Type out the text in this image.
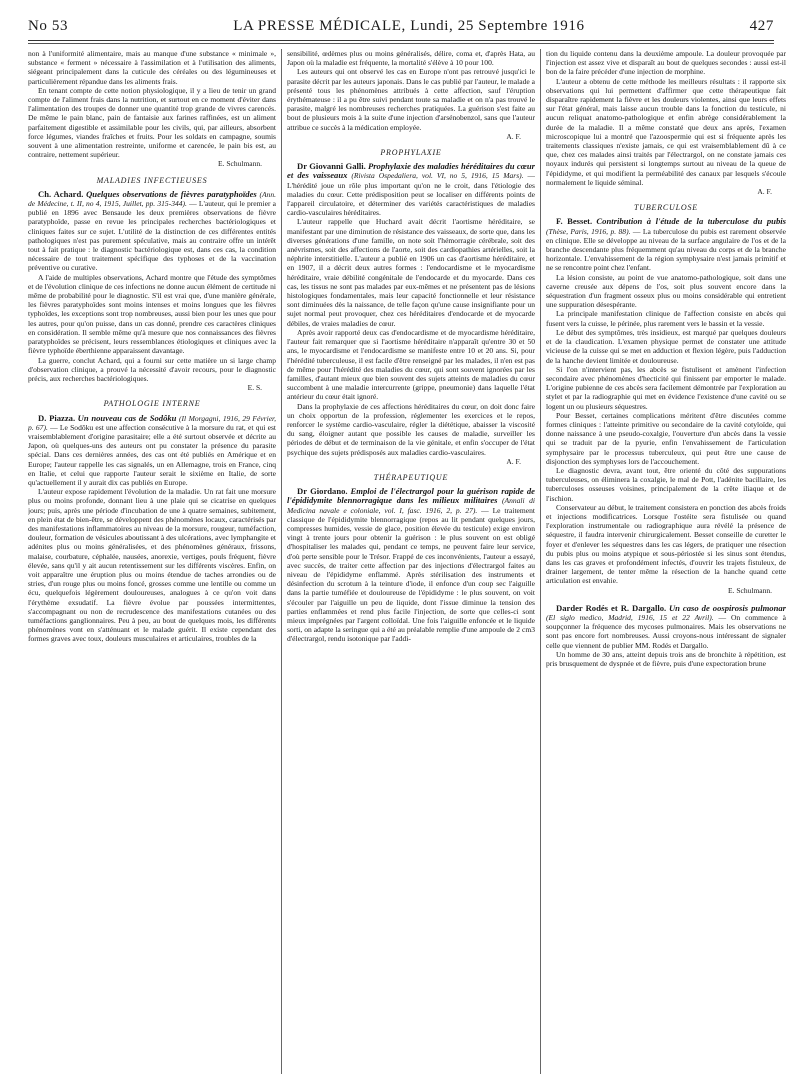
No 53	LA PRESSE MÉDICALE, Lundi, 25 Septembre 1916	427

non à l'uniformité alimentaire, mais au manque d'une substance « minimale », substance « ferment » nécessaire à l'assimilation et à l'utilisation des aliments, siégeant principalement dans la cuticule des céréales ou des légumineuses et particulièrement répandue dans les aliments frais.

En tenant compte de cette notion physiologique, il y a lieu de tenir un grand compte de l'aliment frais dans la nutrition, et surtout en ce moment d'éviter dans l'alimentation des troupes de donner une quantité trop grande de vivres carencés. De même le pain blanc, pain de fantaisie aux farines raffinées, est un aliment parfaitement digestible et assimilable pour les civils, qui, par ailleurs, absorbent force légumes, viandes fraîches et fruits. Pour les soldats en campagne, soumis souvent à une alimentation restreinte, uniforme et carencée, le pain bis est, au contraire, nettement supérieur.

E. Schulmann.
MALADIES INFECTIEUSES

Ch. Achard. Quelques observations de fièvres paratyphoïdes (Ann. de Médecine, t. II, no 4, 1915, Juillet, pp. 315-344). — L'auteur, qui le premier a publié en 1896 avec Bensaude les deux premières observations de fièvre paratyphoïde, passe en revue les principales recherches bactériologiques et cliniques faites sur ce sujet. L'utilité de la distinction de ces différentes entités pathologiques n'est pas purement spéculative, mais au contraire offre un intérêt tout à fait pratique : le diagnostic bactériologique est, dans ces cas, la condition nécessaire de tout traitement spécifique des typhoses et de la vaccination préventive ou curative.

A l'aide de multiples observations, Achard montre que l'étude des symptômes et de l'évolution clinique de ces infections ne donne aucun élément de certitude ni même de probabilité pour le diagnostic. S'il est vrai que, d'une manière générale, les fièvres paratyphoïdes sont moins intenses et moins longues que les fièvres typhoïdes, les exceptions sont trop nombreuses, aussi bien pour les unes que pour les autres, pour qu'on puisse, dans un cas donné, prendre ces caractères cliniques en considération. Il semble même qu'à mesure que nos connaissances des fièvres paratyphoïdes se précisent, leurs ressemblances étiologiques et cliniques avec la fièvre typhoïde éberthienne apparaissent davantage.

La guerre, conclut Achard, qui a fourni sur cette matière un si large champ d'observation clinique, a prouvé la nécessité d'avoir recours, pour le diagnostic précis, aux recherches bactériologiques.

E. S.
PATHOLOGIE INTERNE

D. Piazza. Un nouveau cas de Sodôku (Il Morgagni, 1916, 29 Février, p. 67). — Le Sodôku est une affection consécutive à la morsure du rat, et qui est vraisemblablement d'origine parasitaire; elle a été surtout observée et décrite au Japon, où quelques-uns des auteurs ont pu constater la présence du parasite spécial. Dans ces dernières années, des cas ont été publiés en Amérique et en Europe; l'auteur rappelle les cas signalés, un en Allemagne, trois en France, cinq en Italie, et celui que rapporte l'auteur serait le sixième en Italie, de sorte qu'actuellement il y aurait dix cas publiés en Europe.

L'auteur expose rapidement l'évolution de la maladie. Un rat fait une morsure plus ou moins profonde, donnant lieu à une plaie qui se cicatrise en quelques jours; puis, après une période d'incubation de une à quatre semaines, subitement, en plein état de bien-être, se développent des phénomènes locaux, caractérisés par des manifestations inflammatoires au niveau de la morsure, rougeur, tuméfaction, douleur, formation de vésicules aboutissant à des ulcérations, avec lymphangite et adénites plus ou moins généralisées, et des phénomènes généraux, frissons, malaise, courbature, céphalée, nausées, anorexie, vertiges, pouls fréquent, fièvre élevée, sans qu'il y ait aucun retentissement sur les différents viscères. Enfin, on voit apparaître une éruption plus ou moins étendue de taches arrondies ou de stries, d'un rouge plus ou moins foncé, grosses comme une lentille ou comme un écu, quelquefois légèrement douloureuses, analogues à ce qu'on voit dans l'érythème exsudatif. La fièvre évolue par poussées intermittentes, s'accompagnant ou non de recrudescence des manifestations cutanées ou des tuméfactions ganglionnaires. Peu à peu, au bout de quelques mois, les différents phénomènes vont en s'atténuant et le malade guérit. Il existe cependant des formes graves avec toux, douleurs musculaires et articulaires, troubles de la

sensibilité, œdèmes plus ou moins généralisés, délire, coma et, d'après Hata, au Japon où la maladie est fréquente, la mortalité s'élève à 10 pour 100.

Les auteurs qui ont observé les cas en Europe n'ont pas retrouvé jusqu'ici le parasite décrit par les auteurs japonais. Dans le cas publié par l'auteur, le malade a présenté tous les phénomènes attribués à cette affection, sauf l'éruption érythémateuse : il a pu être suivi pendant toute sa maladie et on n'a pas trouvé le parasite, malgré les nombreuses recherches pratiquées. La guérison s'est faite au bout de plusieurs mois à la suite d'une injection d'arsénobenzol, sans que l'auteur attribue ce succès à la médication employée.

A. F.
PROPHYLAXIE

Dr Giovanni Galli. Prophylaxie des maladies héréditaires du cœur et des vaisseaux (Rivista Ospedaliera, vol. VI, no 5, 1916, 15 Mars). — L'hérédité joue un rôle plus important qu'on ne le croit, dans l'étiologie des maladies du cœur. Cette prédisposition peut se localiser en différents points de l'appareil circulatoire, et déterminer des variétés caractéristiques de maladies cardio-vasculaires héréditaires.

L'auteur rappelle que Huchard avait décrit l'aortisme héréditaire, se manifestant par une diminution de résistance des vaisseaux, de sorte que, dans les diverses générations d'une famille, on note soit l'hémorragie cérébrale, soit des anévrismes, soit des affections de l'aorte, soit des cardiopathies artérielles, soit la néphrite interstitielle. L'auteur a publié en 1906 un cas d'aortisme héréditaire, et en 1907, il a décrit deux autres formes : l'endocardisme et le myocardisme héréditaire, vraie débilité congénitale de l'endocarde et du myocarde. Dans ces cas, les tissus ne sont pas malades par eux-mêmes et ne présentent pas de lésions histologiques fondamentales, mais leur capacité fonctionnelle et leur résistance sont diminuées dès la naissance, de telle façon qu'une cause insignifiante pour un sujet normal peut provoquer, chez ces héréditaires d'endocarde et de myocarde débiles, de vraies maladies de cœur.

Après avoir rapporté deux cas d'endocardisme et de myocardisme héréditaire, l'auteur fait remarquer que si l'aortisme héréditaire n'apparaît qu'entre 30 et 50 ans, le myocardisme et l'endocardisme se manifeste entre 10 et 20 ans. Si, pour l'hérédité tuberculeuse, il est facile d'être renseigné par les malades, il n'en est pas de même pour l'hérédité des maladies du cœur, qui sont souvent ignorées par les familles, d'autant mieux que bien souvent des sujets atteints de maladies du cœur succombent à une maladie intercurrente (grippe, pneumonie) dans laquelle l'état antérieur du cœur était ignoré.

Dans la prophylaxie de ces affections héréditaires du cœur, on doit donc faire un choix opportun de la profession, réglementer les exercices et le repos, renforcer le système cardio-vasculaire, régler la diététique, abaisser la viscosité du sang, éloigner autant que possible les causes de maladie, surveiller les périodes de début et de terminaison de la vie génitale, et enfin s'occuper de l'état psychique des sujets prédisposés aux maladies cardio-vasculaires.

A. F.
THÉRAPEUTIQUE

Dr Giordano. Emploi de l'électrargol pour la guérison rapide de l'épididymite blennorragique dans les milieux militaires (Annali di Medicina navale e coloniale, vol. I, fasc. 1916, 2, p. 27). — Le traitement classique de l'épididymite blennorragique (repos au lit pendant quelques jours, compresses humides, vessie de glace, position élevée du testicule) exige environ vingt à trente jours pour obtenir la guérison : le plus souvent on est obligé d'hospitaliser les malades qui, pendant ce temps, ne peuvent faire leur service, d'où perte sensible pour le Trésor. Frappé de ces inconvénients, l'auteur a essayé, avec succès, de traiter cette affection par des injections d'électrargol faites au niveau de l'épididyme enflammé. Après stérilisation des instruments et désinfection du scrotum à la teinture d'iode, il enfonce d'un coup sec l'aiguille dans la partie tuméfiée et douloureuse de l'épididyme : le plus souvent, on voit s'écouler par l'aiguille un peu de liquide, dont l'issue diminue la tension des parties enflammées et rend plus facile l'injection, de sorte que celles-ci sont mieux imprégnées par l'argent colloïdal. Une fois l'aiguille enfoncée et le liquide sorti, on adapte la seringue qui a été au préalable remplie d'une ampoule de 2 cm3 d'électrargol, rendu isotonique par l'addi-

tion du liquide contenu dans la deuxième ampoule. La douleur provoquée par l'injection est assez vive et disparaît au bout de quelques secondes : aussi est-il bon de la faire précéder d'une injection de morphine.

L'auteur a obtenu de cette méthode les meilleurs résultats : il rapporte six observations qui lui permettent d'affirmer que cette thérapeutique fait disparaître rapidement la fièvre et les douleurs violentes, ainsi que leurs effets sur l'état général, mais laisse aucun trouble dans la fonction du testicule, ni aucun reliquat anatomo-pathologique et enfin abrège considérablement la durée de la maladie. Il a même constaté que deux ans après, l'examen microscopique lui a montré que l'azoospermie qui est si fréquente après les traitements classiques n'existe jamais, ce qui est vraisemblablement dû à ce que, chez ces malades ainsi traités par l'électrargol, on ne constate jamais ces noyaux indurés qui persistent si longtemps surtout au niveau de la queue de l'épididyme, et qui modifient la perméabilité des canaux par lesquels s'écoule normalement le liquide séminal.

A. F.
TUBERCULOSE

F. Besset. Contribution à l'étude de la tuberculose du pubis (Thèse, Paris, 1916, p. 88). — La tuberculose du pubis est rarement observée en clinique. Elle se développe au niveau de la surface angulaire de l'os et de la branche descendante plus fréquemment qu'au niveau du corps et de la branche horizontale. L'envahissement de la région symphysaire n'est jamais primitif et ne se rencontre point chez l'enfant.

La lésion consiste, au point de vue anatomo-pathologique, soit dans une caverne creusée aux dépens de l'os, soit plus souvent encore dans la séquestration d'un fragment osseux plus ou moins considérable qui entretient une suppuration désespérante.

La principale manifestation clinique de l'affection consiste en abcès qui fusent vers la cuisse, le périnée, plus rarement vers le bassin et la vessie.

Le début des symptômes, très insidieux, est marqué par quelques douleurs et de la claudication. L'examen physique permet de constater une attitude vicieuse de la cuisse qui se met en adduction et flexion légère, puis l'adduction de la hanche devient limitée et douloureuse.

Si l'on n'intervient pas, les abcès se fistulisent et amènent l'infection secondaire avec phénomènes d'hecticité qui finissent par emporter le malade. L'origine pubienne de ces abcès sera facilement démontrée par l'exploration au stylet et par la radiographie qui met en évidence l'existence d'une cavité ou se logent un ou plusieurs séquestres.

Pour Besset, certaines complications méritent d'être discutées comme formes cliniques : l'atteinte primitive ou secondaire de la cavité cotyloïde, qui donne naissance à une pseudo-coxalgie, l'ouverture d'un abcès dans la vessie qui se traduit par de la pyurie, enfin l'envahissement de l'articulation symphysaire par le processus tuberculeux, qui peut être une cause de disjonction des symphyses lors de l'accouchement.

Le diagnostic devra, avant tout, être orienté du côté des suppurations tuberculeuses, on éliminera la coxalgie, le mal de Pott, l'adénite bacillaire, les tuberculoses osseuses voisines, principalement de la crête iliaque et de l'ischion.

Conservateur au début, le traitement consistera en ponction des abcès froids et injections modificatrices. Lorsque l'ostéite sera fistulisée ou quand l'exploration instrumentale ou radiographique aura révélé la présence de séquestre, il faudra intervenir chirurgicalement. Besset conseille de curetter le foyer et d'enlever les séquestres dans les cas légers, de pratiquer une résection du pubis plus ou moins atypique et sous-périostée si les sinus sont étendus, dans les cas graves et profondément infectés, d'ouvrir les trajets fistuleux, de drainer largement, de tenter même la résection de la hanche quand cette articulation est envahie.

E. Schulmann.

Darder Rodés et R. Dargallo. Un caso de oospirosis pulmonar (El siglo medico, Madrid, 1916, 15 et 22 Avril). — On commence à soupçonner la fréquence des mycoses pulmonaires. Mais les observations ne sont pas encore fort nombreuses. Aussi croyons-nous intéressant de signaler celle que viennent de publier MM. Rodés et Dargallo.

Un homme de 30 ans, atteint depuis trois ans de bronchite à répétition, est pris brusquement de dyspnée et de fièvre, puis d'une expectoration brune
